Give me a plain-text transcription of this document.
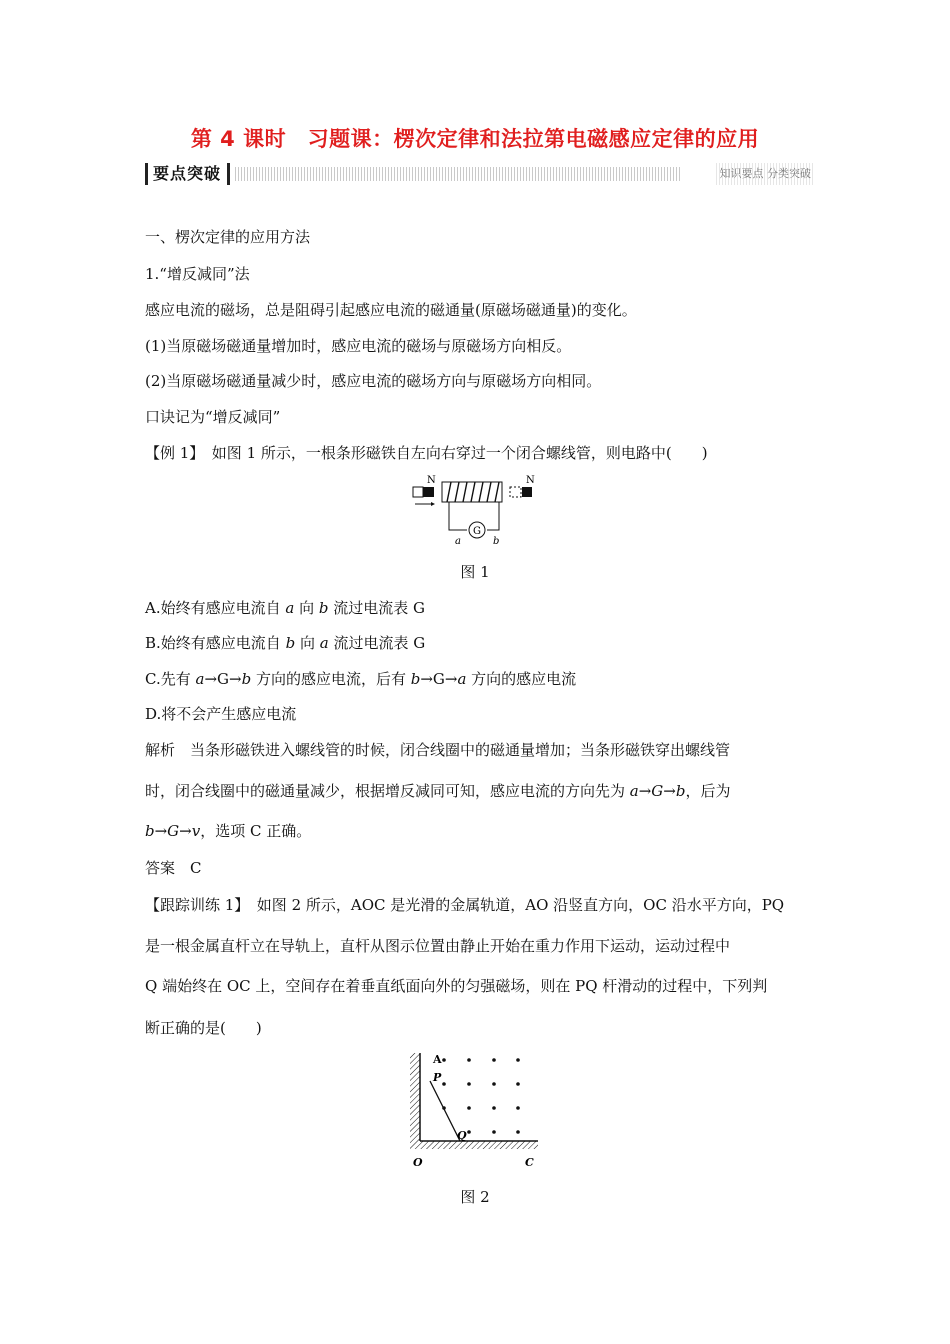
第 4 课时　习题课：楞次定律和法拉第电磁感应定律的应用
要点突破	知识要点 分类突破
一、楞次定律的应用方法
1.“增反减同”法
感应电流的磁场，总是阻碍引起感应电流的磁通量(原磁场磁通量)的变化。
(1)当原磁场磁通量增加时，感应电流的磁场与原磁场方向相反。
(2)当原磁场磁通量减少时，感应电流的磁场方向与原磁场方向相同。
口诀记为“增反减同”
【例 1】　如图 1 所示，一根条形磁铁自左向右穿过一个闭合螺线管，则电路中(　　)
N
G
a	b
N
图 1
A.始终有感应电流自 a 向 b 流过电流表 G
B.始终有感应电流自 b 向 a 流过电流表 G
C.先有 a→G→b 方向的感应电流，后有 b→G→a 方向的感应电流
D.将不会产生感应电流
解析　当条形磁铁进入螺线管的时候，闭合线圈中的磁通量增加；当条形磁铁穿出螺线管
时，闭合线圈中的磁通量减少，根据增反减同可知，感应电流的方向先为 a→G→b，后为
b→G→v，选项 C 正确。
答案　C
【跟踪训练 1】　如图 2 所示，AOC 是光滑的金属轨道，AO 沿竖直方向，OC 沿水平方向，PQ
是一根金属直杆立在导轨上，直杆从图示位置由静止开始在重力作用下运动，运动过程中
Q 端始终在 OC 上，空间存在着垂直纸面向外的匀强磁场，则在 PQ 杆滑动的过程中，下列判
断正确的是(　　)
A
P
Q
O	C
图 2
